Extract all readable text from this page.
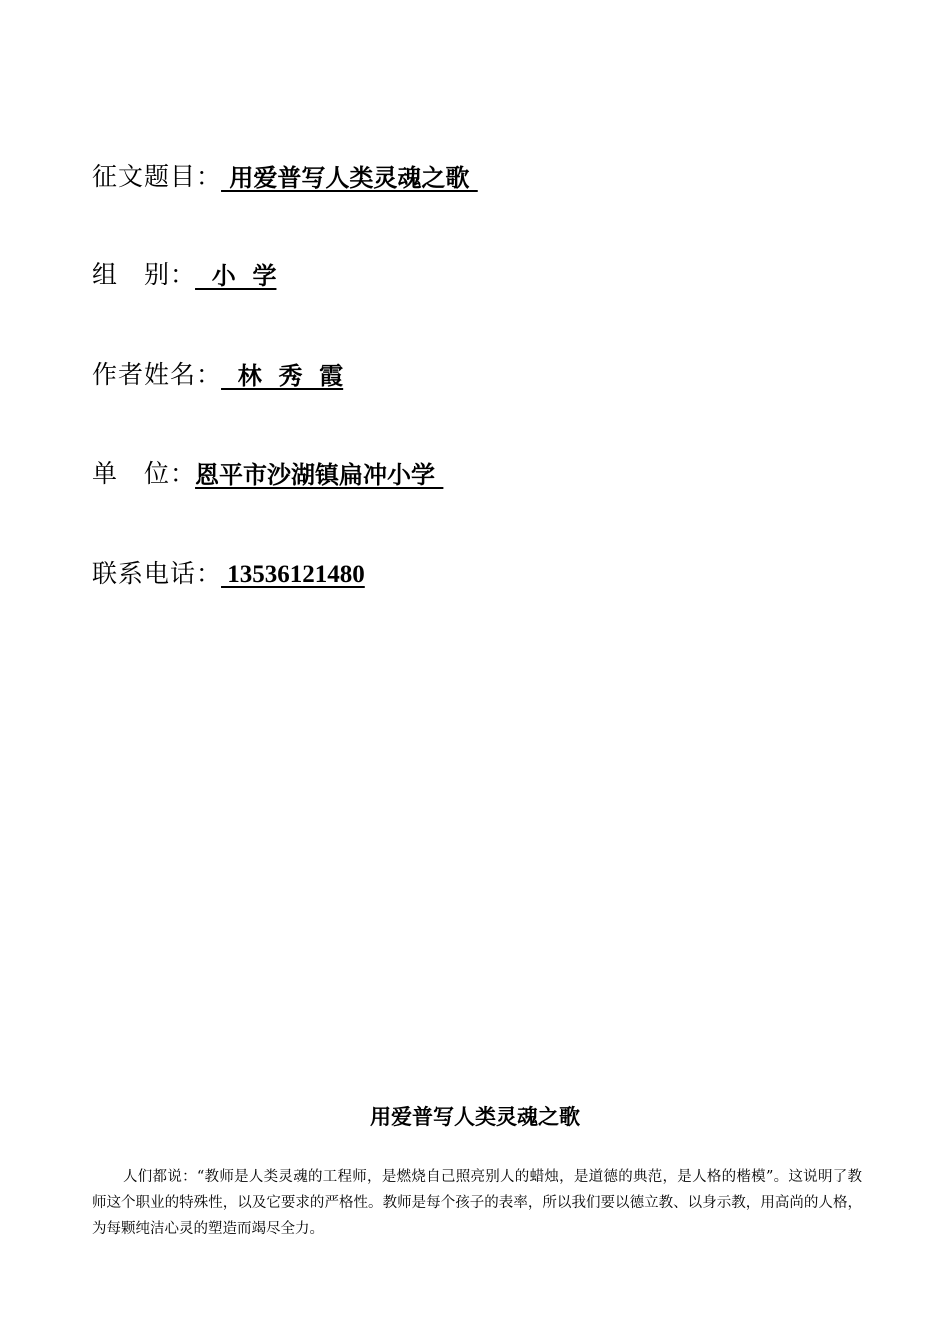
征文题目 ： 用爱普写人类灵魂之歌
组　别 ： 小  学
作者姓名 ： 林  秀  霞
单　位 ： 恩平市沙湖镇扁冲小学
联系电话 ： 13536121480
用爱普写人类灵魂之歌

人们都说：“教师是人类灵魂的工程师，是燃烧自己照亮别人的蜡烛，是道德的典范，是人格的楷模”。这说明了教师这个职业的特殊性，以及它要求的严格性。教师是每个孩子的表率，所以我们要以德立教、以身示教，用高尚的人格，为每颗纯洁心灵的塑造而竭尽全力。
